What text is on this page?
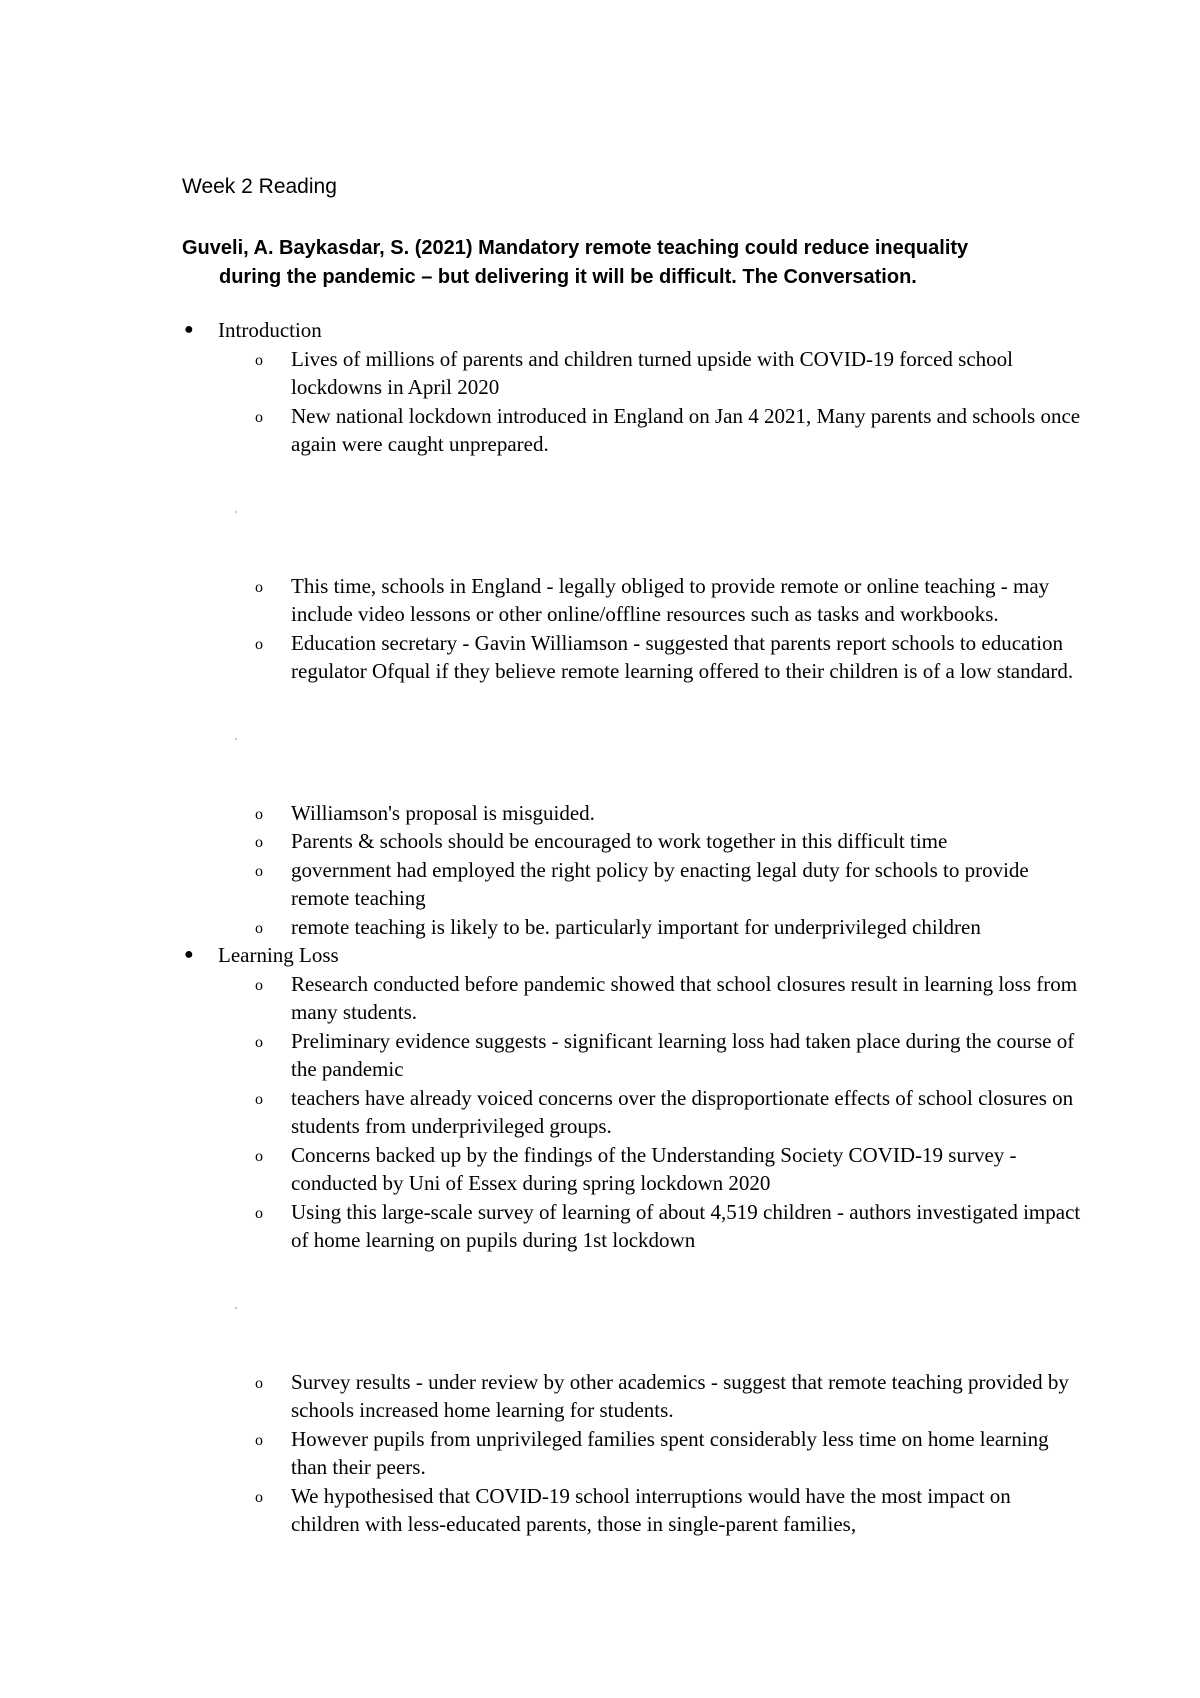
Week 2 Reading
Guveli, A. Baykasdar, S. (2021) Mandatory remote teaching could reduce inequality
during the pandemic – but delivering it will be difficult. The Conversation.
● Introduction
o Lives of millions of parents and children turned upside with COVID-19 forced school lockdowns in April 2020
o New national lockdown introduced in England on Jan 4 2021, Many parents and schools once again were caught unprepared.
o This time, schools in England - legally obliged to provide remote or online teaching - may include video lessons or other online/offline resources such as tasks and workbooks.
o Education secretary - Gavin Williamson - suggested that parents report schools to education regulator Ofqual if they believe remote learning offered to their children is of a low standard.
o Williamson's proposal is misguided.
o Parents & schools should be encouraged to work together in this difficult time
o government had employed the right policy by enacting legal duty for schools to provide remote teaching
o remote teaching is likely to be. particularly important for underprivileged children
● Learning Loss
o Research conducted before pandemic showed that school closures result in learning loss from many students.
o Preliminary evidence suggests - significant learning loss had taken place during the course of the pandemic
o teachers have already voiced concerns over the disproportionate effects of school closures on students from underprivileged groups.
o Concerns backed up by the findings of the Understanding Society COVID-19 survey - conducted by Uni of Essex during spring lockdown 2020
o Using this large-scale survey of learning of about 4,519 children - authors investigated impact of home learning on pupils during 1st lockdown
o Survey results - under review by other academics - suggest that remote teaching provided by schools increased home learning for students.
o However pupils from unprivileged families spent considerably less time on home learning than their peers.
o We hypothesised that COVID-19 school interruptions would have the most impact on children with less-educated parents, those in single-parent families,
